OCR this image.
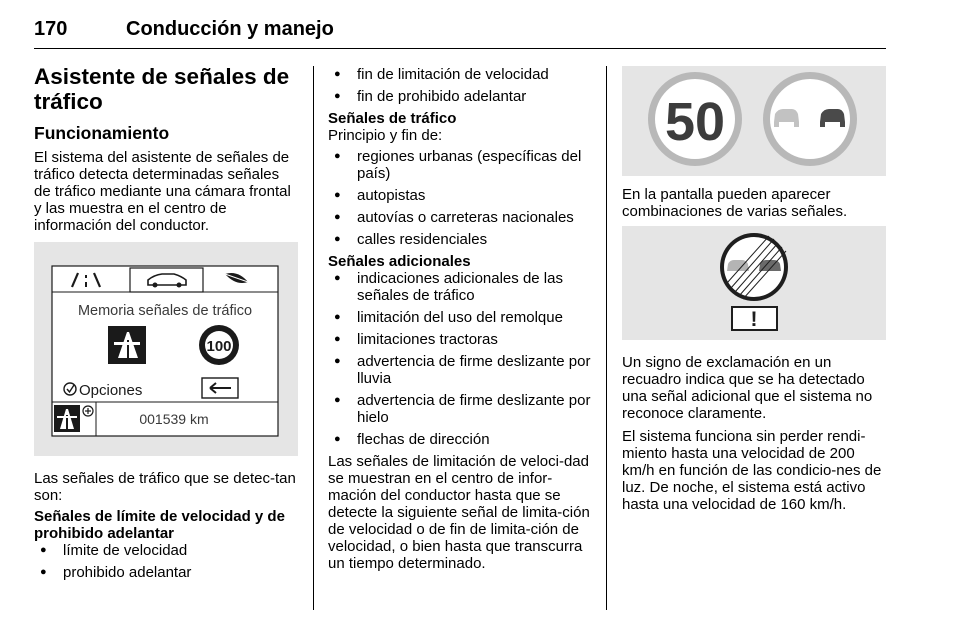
170	Conducción y manejo
Asistente de señales de tráfico
Funcionamiento

El sistema del asistente de señales de tráfico detecta determinadas señales de tráfico mediante una cámara frontal y las muestra en el centro de información del conductor.

Memoria señales de tráfico
100
Opciones
001539 km

Las señales de tráfico que se detec-tan son:

Señales de límite de velocidad y de prohibido adelantar
● límite de velocidad
● prohibido adelantar
● fin de limitación de velocidad
● fin de prohibido adelantar
Señales de tráfico

Principio y fin de:

● regiones urbanas (específicas del país)
● autopistas
● autovías o carreteras nacionales
● calles residenciales
Señales adicionales
● indicaciones adicionales de las señales de tráfico
● limitación del uso del remolque
● limitaciones tractoras
● advertencia de firme deslizante por lluvia
● advertencia de firme deslizante por hielo
● flechas de dirección

Las señales de limitación de veloci-dad se muestran en el centro de infor-mación del conductor hasta que se detecte la siguiente señal de limita-ción de velocidad o de fin de limita-ción de velocidad, o bien hasta que transcurra un tiempo determinado.

50

En la pantalla pueden aparecer combinaciones de varias señales.

!

Un signo de exclamación en un recuadro indica que se ha detectado una señal adicional que el sistema no reconoce claramente.

El sistema funciona sin perder rendi-miento hasta una velocidad de 200 km/h en función de las condicio-nes de luz. De noche, el sistema está activo hasta una velocidad de 160 km/h.
